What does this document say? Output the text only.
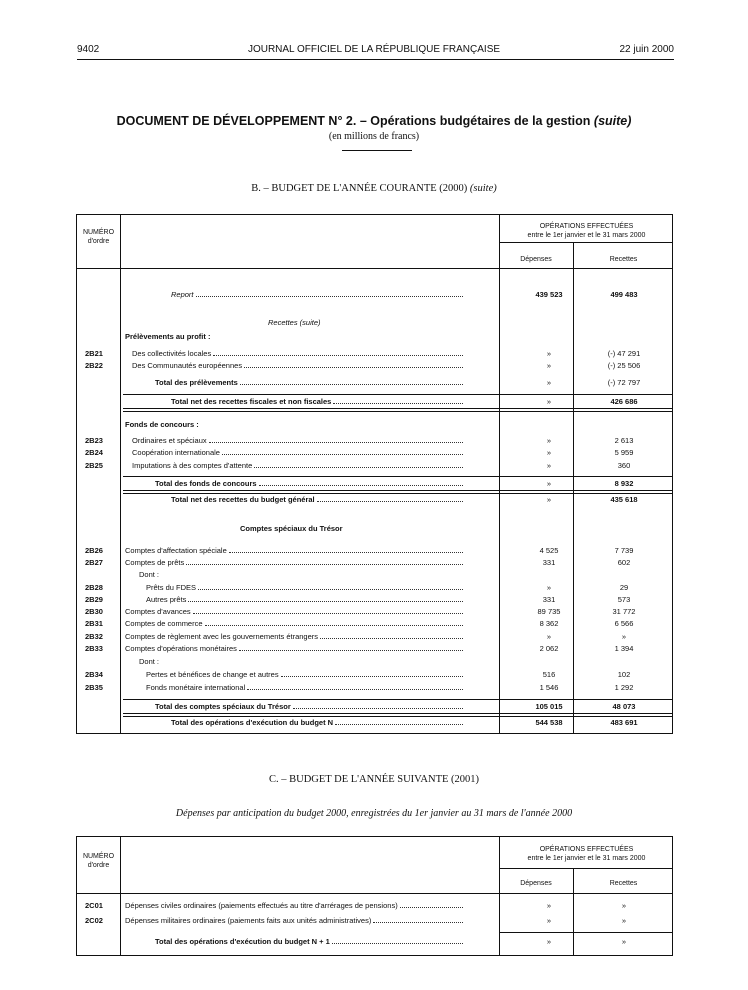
9402	JOURNAL OFFICIEL DE LA RÉPUBLIQUE FRANÇAISE	22 juin 2000
DOCUMENT DE DÉVELOPPEMENT N° 2. – Opérations budgétaires de la gestion (suite)
(en millions de francs)
B. – BUDGET DE L'ANNÉE COURANTE (2000) (suite)
NUMÉRO
d'ordre
OPÉRATIONS EFFECTUÉES
entre le 1er janvier et le 31 mars 2000
Dépenses	Recettes
Report	439 523	499 483
Recettes (suite)
Prélèvements au profit :
2B21	Des collectivités locales	»	(-) 47 291
2B22	Des Communautés européennes	»	(-) 25 506
Total des prélèvements	»	(-) 72 797
Total net des recettes fiscales et non fiscales	»	426 686
Fonds de concours :
2B23	Ordinaires et spéciaux	»	2 613
2B24	Coopération internationale	»	5 959
2B25	Imputations à des comptes d'attente	»	360
Total des fonds de concours	»	8 932
Total net des recettes du budget général	»	435 618
Comptes spéciaux du Trésor
2B26	Comptes d'affectation spéciale	4 525	7 739
2B27	Comptes de prêts	331	602
Dont :
2B28	Prêts du FDES	»	29
2B29	Autres prêts	331	573
2B30	Comptes d'avances	89 735	31 772
2B31	Comptes de commerce	8 362	6 566
2B32	Comptes de règlement avec les gouvernements étrangers	»	»
2B33	Comptes d'opérations monétaires	2 062	1 394
Dont :
2B34	Pertes et bénéfices de change et autres	516	102
2B35	Fonds monétaire international	1 546	1 292
Total des comptes spéciaux du Trésor	105 015	48 073
Total des opérations d'exécution du budget N	544 538	483 691
C. – BUDGET DE L'ANNÉE SUIVANTE (2001)
Dépenses par anticipation du budget 2000, enregistrées du 1er janvier au 31 mars de l'année 2000
NUMÉRO
d'ordre
OPÉRATIONS EFFECTUÉES
entre le 1er janvier et le 31 mars 2000
Dépenses	Recettes
2C01	Dépenses civiles ordinaires (paiements effectués au titre d'arrérages de pensions)	»	»
2C02	Dépenses militaires ordinaires (paiements faits aux unités administratives)	»	»
Total des opérations d'exécution du budget N + 1	»	»
